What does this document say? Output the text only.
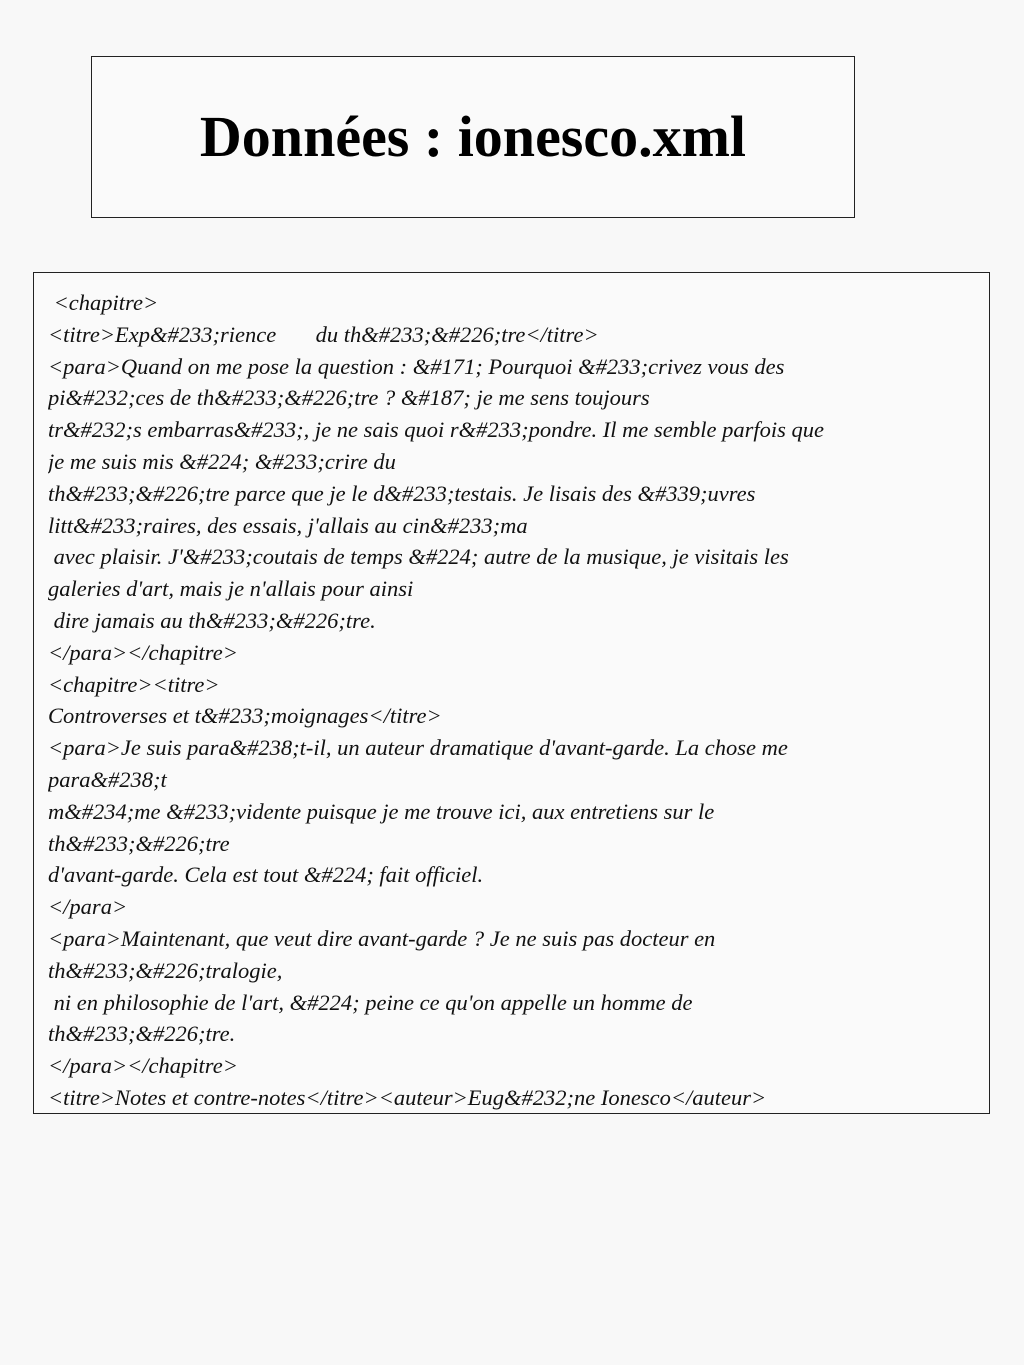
Données : ionesco.xml
<chapitre>
<titre>Exp&#233;rience       du th&#233;&#226;tre</titre>
<para>Quand on me pose la question : &#171; Pourquoi &#233;crivez vous des
pi&#232;ces de th&#233;&#226;tre ? &#187; je me sens toujours
tr&#232;s embarras&#233;, je ne sais quoi r&#233;pondre. Il me semble parfois que
je me suis mis &#224; &#233;crire du
th&#233;&#226;tre parce que je le d&#233;testais. Je lisais des &#339;uvres
litt&#233;raires, des essais, j'allais au cin&#233;ma
avec plaisir. J'&#233;coutais de temps &#224; autre de la musique, je visitais les
galeries d'art, mais je n'allais pour ainsi
dire jamais au th&#233;&#226;tre.
</para></chapitre>
<chapitre><titre>
Controverses et t&#233;moignages</titre>
<para>Je suis para&#238;t-il, un auteur dramatique d'avant-garde. La chose me
para&#238;t
m&#234;me &#233;vidente puisque je me trouve ici, aux entretiens sur le
th&#233;&#226;tre
d'avant-garde. Cela est tout &#224; fait officiel.
</para>
<para>Maintenant, que veut dire avant-garde ? Je ne suis pas docteur en
th&#233;&#226;tralogie,
ni en philosophie de l'art, &#224; peine ce qu'on appelle un homme de
th&#233;&#226;tre.
</para></chapitre>
<titre>Notes et contre-notes</titre><auteur>Eug&#232;ne Ionesco</auteur>
